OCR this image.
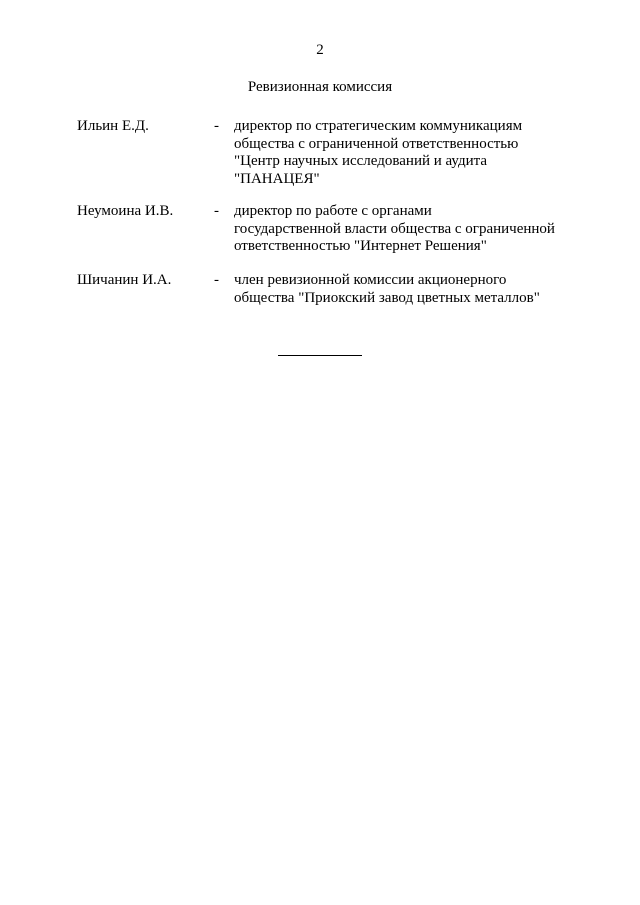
2
Ревизионная комиссия
Ильин Е.Д.	- директор по стратегическим коммуникациям
общества с ограниченной ответственностью
"Центр научных исследований и аудита
"ПАНАЦЕЯ"
Неумоина И.В.	- директор по работе с органами
государственной власти общества с ограниченной
ответственностью "Интернет Решения"
Шичанин И.А.	- член ревизионной комиссии акционерного
общества "Приокский завод цветных металлов"
